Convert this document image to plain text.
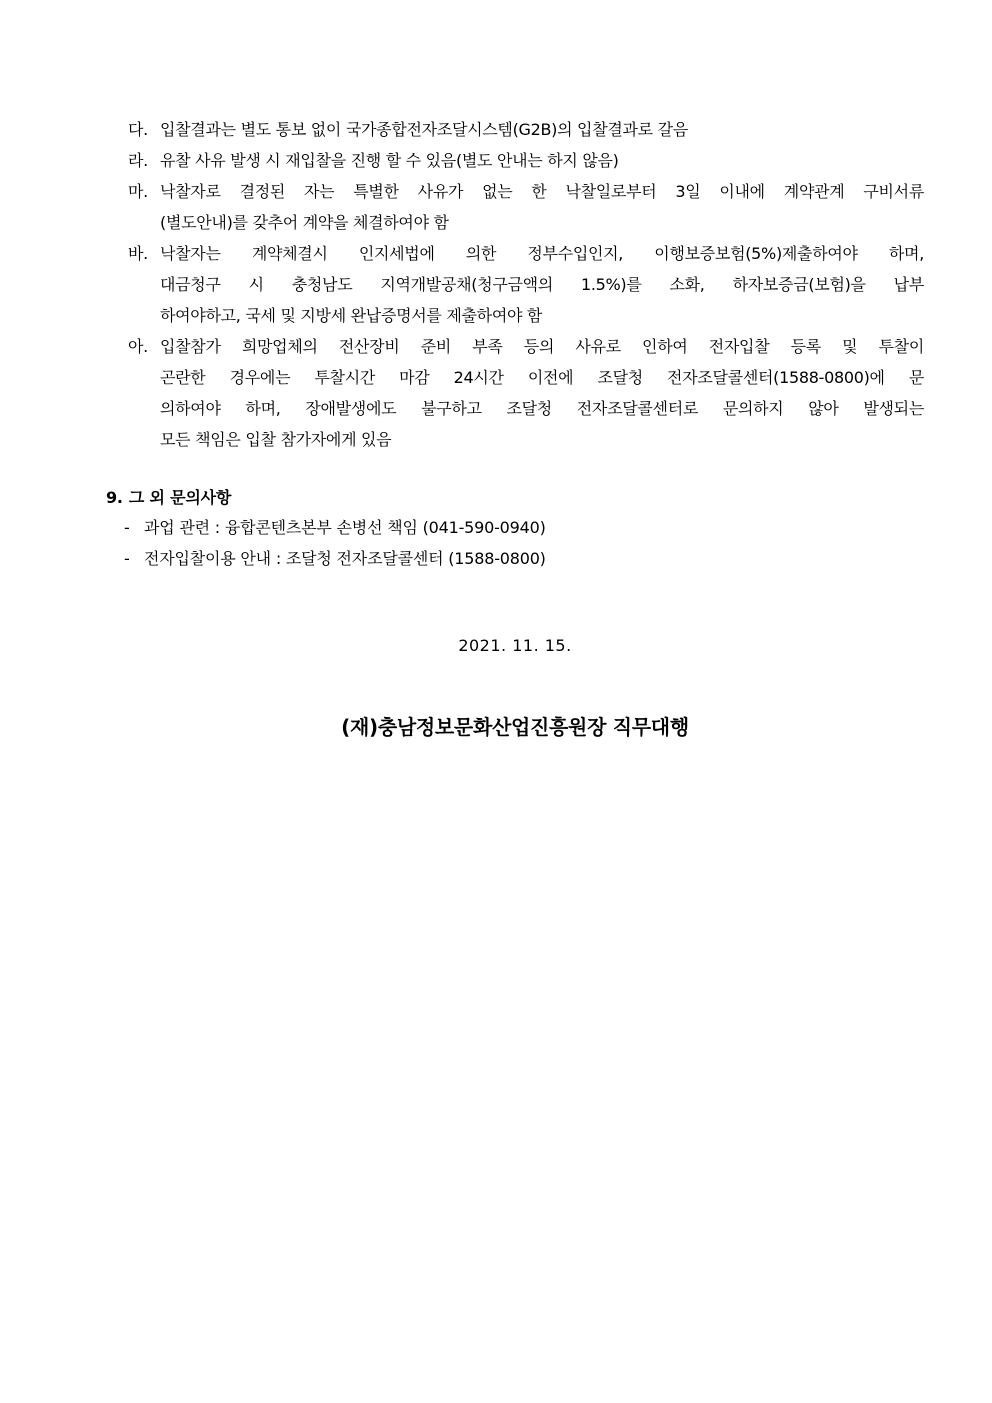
다. 입찰결과는 별도 통보 없이 국가종합전자조달시스템(G2B)의 입찰결과로 갈음
라. 유찰 사유 발생 시 재입찰을 진행 할 수 있음(별도 안내는 하지 않음)
마. 낙찰자로 결정된 자는 특별한 사유가 없는 한 낙찰일로부터 3일 이내에 계약관계 구비서류
(별도안내)를 갖추어 계약을 체결하여야 함
바. 낙찰자는 계약체결시 인지세법에 의한 정부수입인지, 이행보증보험(5%)제출하여야 하며,
대금청구 시 충청남도 지역개발공채(청구금액의 1.5%)를 소화, 하자보증금(보험)을 납부
하여야하고, 국세 및 지방세 완납증명서를 제출하여야 함
아. 입찰참가 희망업체의 전산장비 준비 부족 등의 사유로 인하여 전자입찰 등록 및 투찰이
곤란한 경우에는 투찰시간 마감 24시간 이전에 조달청 전자조달콜센터(1588-0800)에 문
의하여야 하며, 장애발생에도 불구하고 조달청 전자조달콜센터로 문의하지 않아 발생되는
모든 책임은 입찰 참가자에게 있음
9. 그 외 문의사항
- 과업 관련 : 융합콘텐츠본부 손병선 책임 (041-590-0940)
- 전자입찰이용 안내 : 조달청 전자조달콜센터 (1588-0800)
2021. 11. 15.
(재)충남정보문화산업진흥원장 직무대행
